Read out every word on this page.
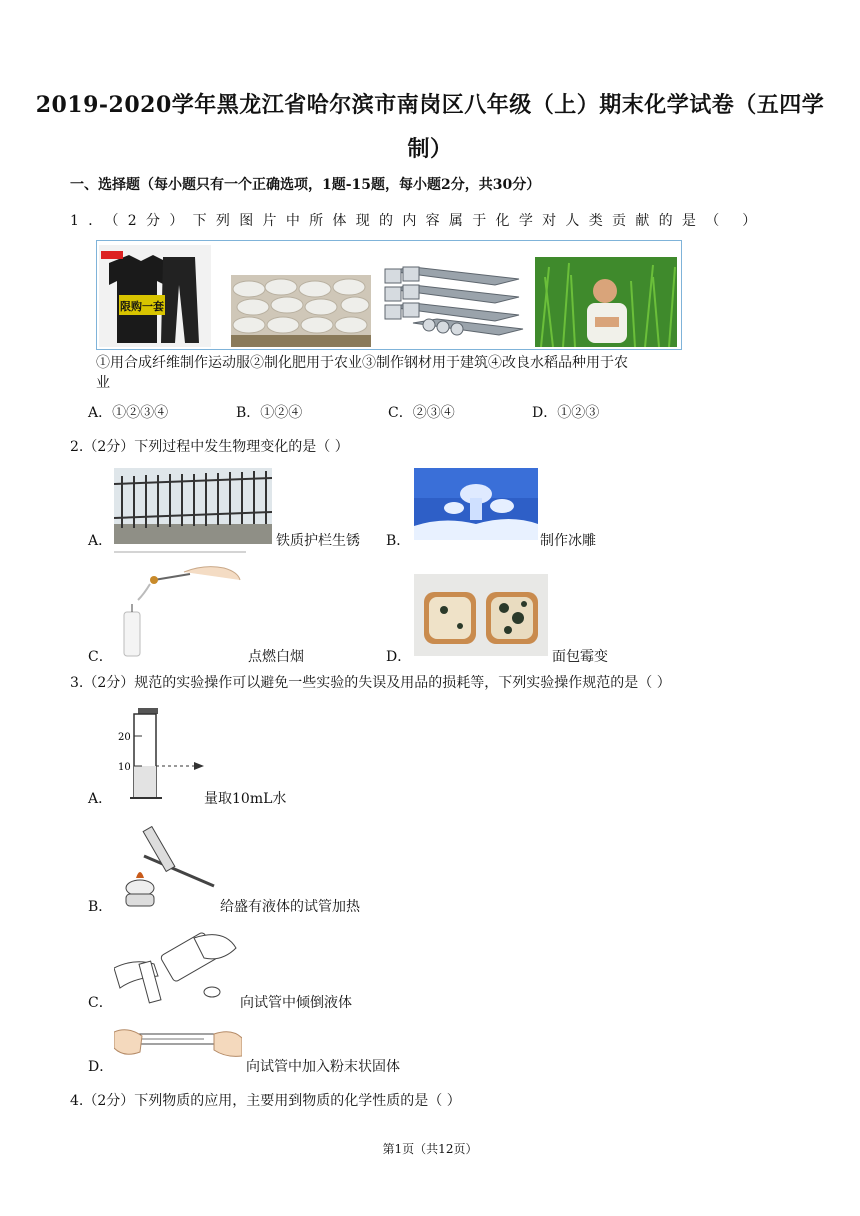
2019-2020学年黑龙江省哈尔滨市南岗区八年级（上）期末化学试卷（五四学
制）
一、选择题（每小题只有一个正确选项，1题-15题，每小题2分，共30分）
1．（2分）下列图片中所体现的内容属于化学对人类贡献的是（ ）
限购一套
①用合成纤维制作运动服②制化肥用于农业③制作钢材用于建筑④改良水稻品种用于农
业
A．①②③④	B．①②④	C．②③④	D．①②③
2.（2分）下列过程中发生物理变化的是（ ）
A．	铁质护栏生锈 B．	制作冰雕
C．	点燃白烟	D．	面包霉变
3.（2分）规范的实验操作可以避免一些实验的失误及用品的损耗等，下列实验操作规范的是（ ）
A．
20
10
量取10mL水
B．	给盛有液体的试管加热
C．	向试管中倾倒液体
D．	向试管中加入粉末状固体
4.（2分）下列物质的应用，主要用到物质的化学性质的是（ ）
第1页（共12页）
